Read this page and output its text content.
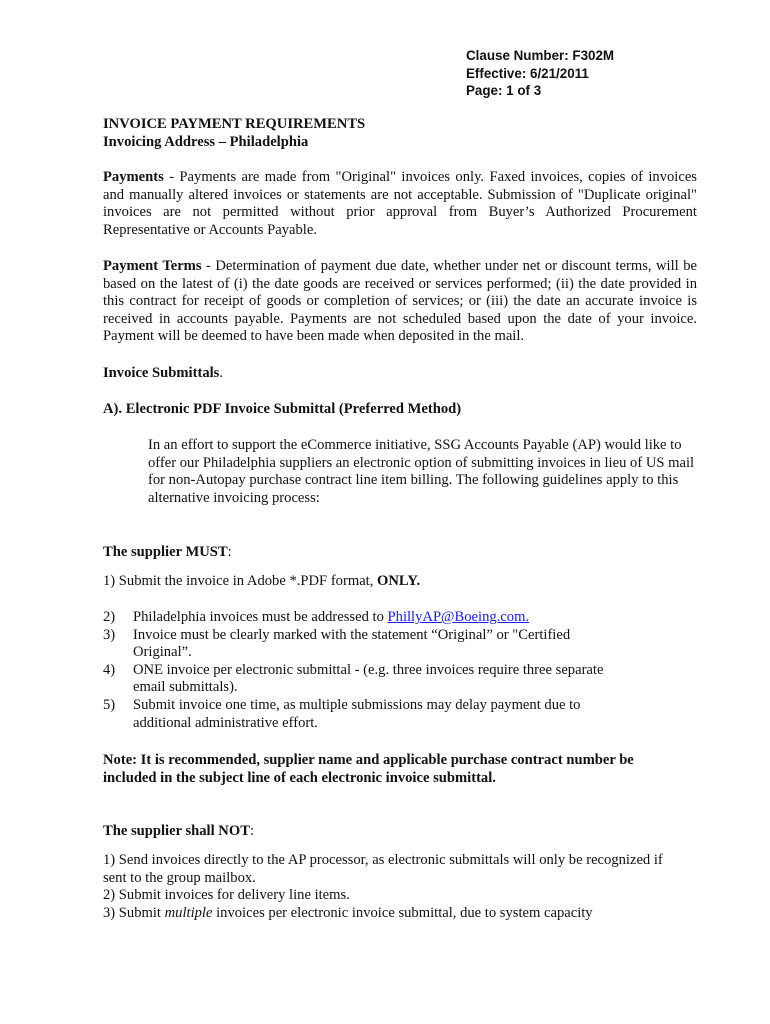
Clause Number: F302M
Effective: 6/21/2011
Page: 1 of 3
INVOICE PAYMENT REQUIREMENTS
Invoicing Address – Philadelphia
Payments - Payments are made from "Original" invoices only. Faxed invoices, copies of invoices and manually altered invoices or statements are not acceptable. Submission of "Duplicate original" invoices are not permitted without prior approval from Buyer’s Authorized Procurement Representative or Accounts Payable.
Payment Terms - Determination of payment due date, whether under net or discount terms, will be based on the latest of (i) the date goods are received or services performed; (ii) the date provided in this contract for receipt of goods or completion of services; or (iii) the date an accurate invoice is received in accounts payable. Payments are not scheduled based upon the date of your invoice. Payment will be deemed to have been made when deposited in the mail.
Invoice Submittals.
A). Electronic PDF Invoice Submittal (Preferred Method)
In an effort to support the eCommerce initiative, SSG Accounts Payable (AP) would like to offer our Philadelphia suppliers an electronic option of submitting invoices in lieu of US mail for non-Autopay purchase contract line item billing. The following guidelines apply to this alternative invoicing process:
The supplier MUST:
1) Submit the invoice in Adobe *.PDF format, ONLY.
2) Philadelphia invoices must be addressed to PhillyAP@Boeing.com.
3) Invoice must be clearly marked with the statement “Original” or "Certified
Original”.
4) ONE invoice per electronic submittal - (e.g. three invoices require three separate
email submittals).
5) Submit invoice one time, as multiple submissions may delay payment due to
additional administrative effort.
Note: It is recommended, supplier name and applicable purchase contract number be
included in the subject line of each electronic invoice submittal.
The supplier shall NOT:
1) Send invoices directly to the AP processor, as electronic submittals will only be recognized if
sent to the group mailbox.
2) Submit invoices for delivery line items.
3) Submit multiple invoices per electronic invoice submittal, due to system capacity
